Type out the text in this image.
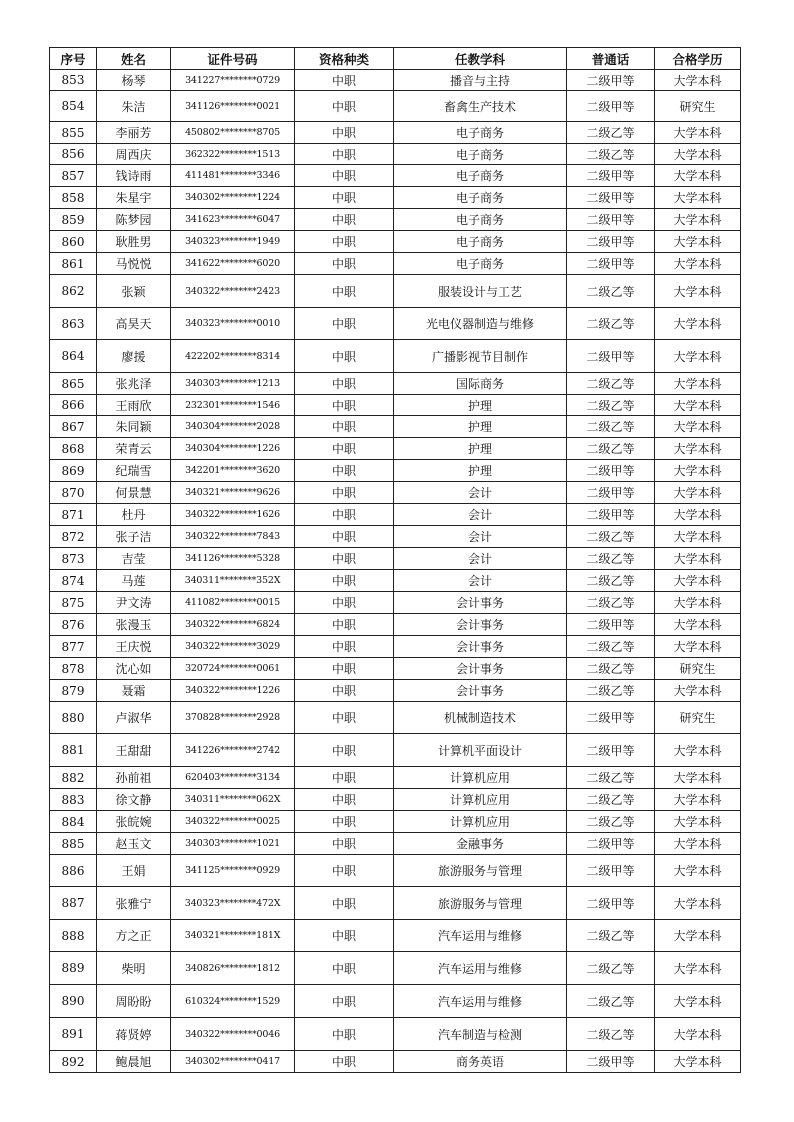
序号	姓名	证件号码	资格种类	任教学科	普通话	合格学历
853	杨琴	341227********0729	中职	播音与主持	二级甲等	大学本科
854	朱洁	341126********0021	中职	畜禽生产技术	二级甲等	研究生
855	李丽芳	450802********8705	中职	电子商务	二级乙等	大学本科
856	周西庆	362322********1513	中职	电子商务	二级乙等	大学本科
857	钱诗雨	411481********3346	中职	电子商务	二级甲等	大学本科
858	朱星宇	340302********1224	中职	电子商务	二级甲等	大学本科
859	陈梦园	341623********6047	中职	电子商务	二级甲等	大学本科
860	耿胜男	340323********1949	中职	电子商务	二级甲等	大学本科
861	马悦悦	341622********6020	中职	电子商务	二级甲等	大学本科
862	张颖	340322********2423	中职	服装设计与工艺	二级乙等	大学本科
863	高昊天	340323********0010	中职	光电仪器制造与维修	二级乙等	大学本科
864	廖援	422202********8314	中职	广播影视节目制作	二级甲等	大学本科
865	张兆泽	340303********1213	中职	国际商务	二级乙等	大学本科
866	王雨欣	232301********1546	中职	护理	二级乙等	大学本科
867	朱同颖	340304********2028	中职	护理	二级乙等	大学本科
868	荣青云	340304********1226	中职	护理	二级乙等	大学本科
869	纪瑞雪	342201********3620	中职	护理	二级甲等	大学本科
870	何景慧	340321********9626	中职	会计	二级甲等	大学本科
871	杜丹	340322********1626	中职	会计	二级甲等	大学本科
872	张子洁	340322********7843	中职	会计	二级乙等	大学本科
873	吉莹	341126********5328	中职	会计	二级乙等	大学本科
874	马莲	340311********352X	中职	会计	二级乙等	大学本科
875	尹文涛	411082********0015	中职	会计事务	二级乙等	大学本科
876	张漫玉	340322********6824	中职	会计事务	二级甲等	大学本科
877	王庆悦	340322********3029	中职	会计事务	二级乙等	大学本科
878	沈心如	320724********0061	中职	会计事务	二级乙等	研究生
879	聂霜	340322********1226	中职	会计事务	二级乙等	大学本科
880	卢淑华	370828********2928	中职	机械制造技术	二级甲等	研究生
881	王甜甜	341226********2742	中职	计算机平面设计	二级甲等	大学本科
882	孙前祖	620403********3134	中职	计算机应用	二级乙等	大学本科
883	徐文静	340311********062X	中职	计算机应用	二级乙等	大学本科
884	张皖婉	340322********0025	中职	计算机应用	二级乙等	大学本科
885	赵玉文	340303********1021	中职	金融事务	二级甲等	大学本科
886	王娟	341125********0929	中职	旅游服务与管理	二级甲等	大学本科
887	张雅宁	340323********472X	中职	旅游服务与管理	二级甲等	大学本科
888	方之正	340321********181X	中职	汽车运用与维修	二级乙等	大学本科
889	柴明	340826********1812	中职	汽车运用与维修	二级乙等	大学本科
890	周盼盼	610324********1529	中职	汽车运用与维修	二级乙等	大学本科
891	蒋贤婷	340322********0046	中职	汽车制造与检测	二级乙等	大学本科
892	鲍晨旭	340302********0417	中职	商务英语	二级甲等	大学本科
